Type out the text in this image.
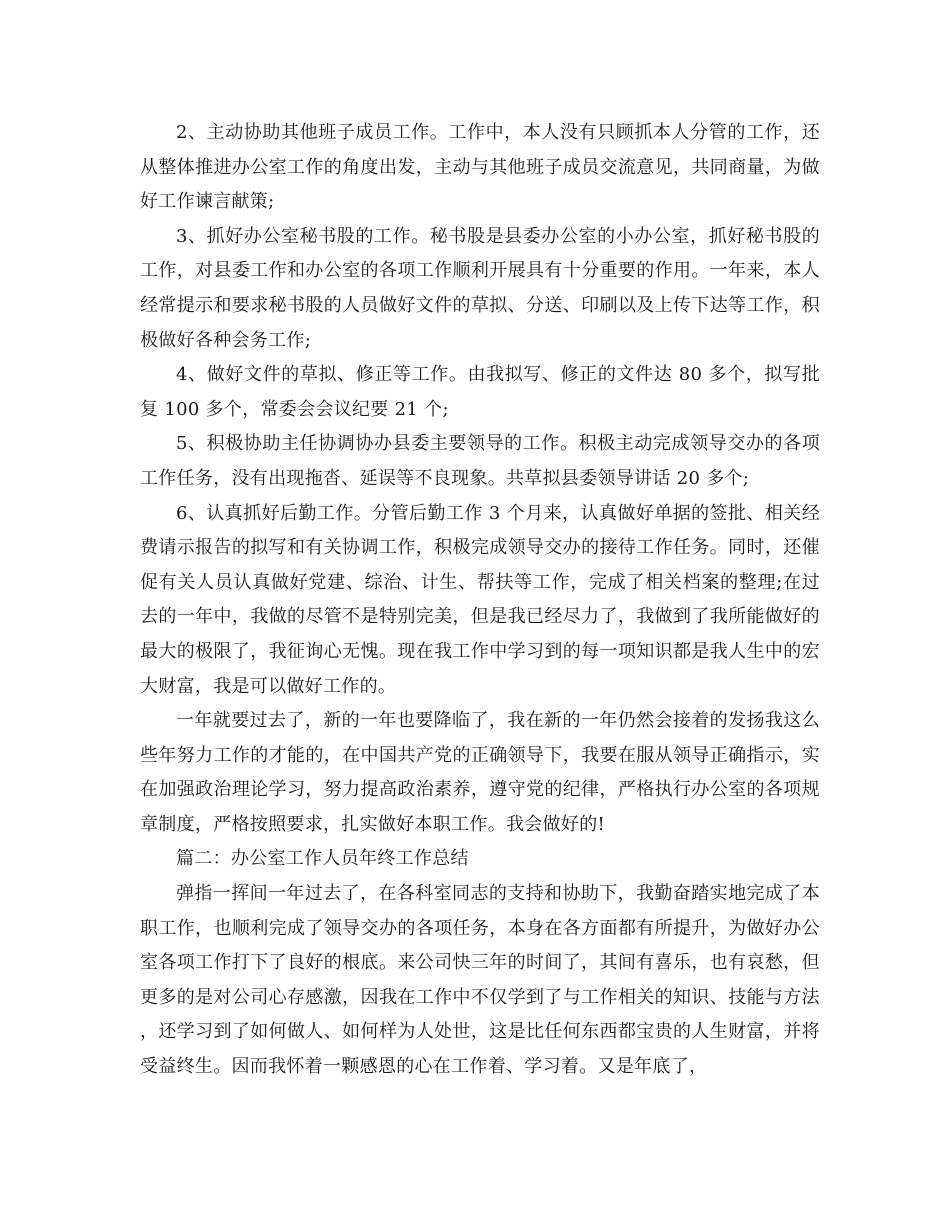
2、主动协助其他班子成员工作。工作中，本人没有只顾抓本人分管的工作，还从整体推进办公室工作的角度出发，主动与其他班子成员交流意见，共同商量，为做好工作谏言献策;

3、抓好办公室秘书股的工作。秘书股是县委办公室的小办公室，抓好秘书股的工作，对县委工作和办公室的各项工作顺利开展具有十分重要的作用。一年来，本人经常提示和要求秘书股的人员做好文件的草拟、分送、印刷以及上传下达等工作，积极做好各种会务工作;

4、做好文件的草拟、修正等工作。由我拟写、修正的文件达 80 多个，拟写批复 100 多个，常委会会议纪要 21 个;

5、积极协助主任协调协办县委主要领导的工作。积极主动完成领导交办的各项工作任务，没有出现拖沓、延误等不良现象。共草拟县委领导讲话 20 多个;

6、认真抓好后勤工作。分管后勤工作 3 个月来，认真做好单据的签批、相关经费请示报告的拟写和有关协调工作，积极完成领导交办的接待工作任务。同时，还催促有关人员认真做好党建、综治、计生、帮扶等工作，完成了相关档案的整理;在过去的一年中，我做的尽管不是特别完美，但是我已经尽力了，我做到了我所能做好的最大的极限了，我征询心无愧。现在我工作中学习到的每一项知识都是我人生中的宏大财富，我是可以做好工作的。

一年就要过去了，新的一年也要降临了，我在新的一年仍然会接着的发扬我这么些年努力工作的才能的，在中国共产党的正确领导下，我要在服从领导正确指示，实在加强政治理论学习，努力提高政治素养，遵守党的纪律，严格执行办公室的各项规章制度，严格按照要求，扎实做好本职工作。我会做好的!

篇二：办公室工作人员年终工作总结

弹指一挥间一年过去了，在各科室同志的支持和协助下，我勤奋踏实地完成了本职工作，也顺利完成了领导交办的各项任务，本身在各方面都有所提升，为做好办公室各项工作打下了良好的根底。来公司快三年的时间了，其间有喜乐，也有哀愁，但更多的是对公司心存感激，因我在工作中不仅学到了与工作相关的知识、技能与方法，还学习到了如何做人、如何样为人处世，这是比任何东西都宝贵的人生财富，并将受益终生。因而我怀着一颗感恩的心在工作着、学习着。又是年底了，
